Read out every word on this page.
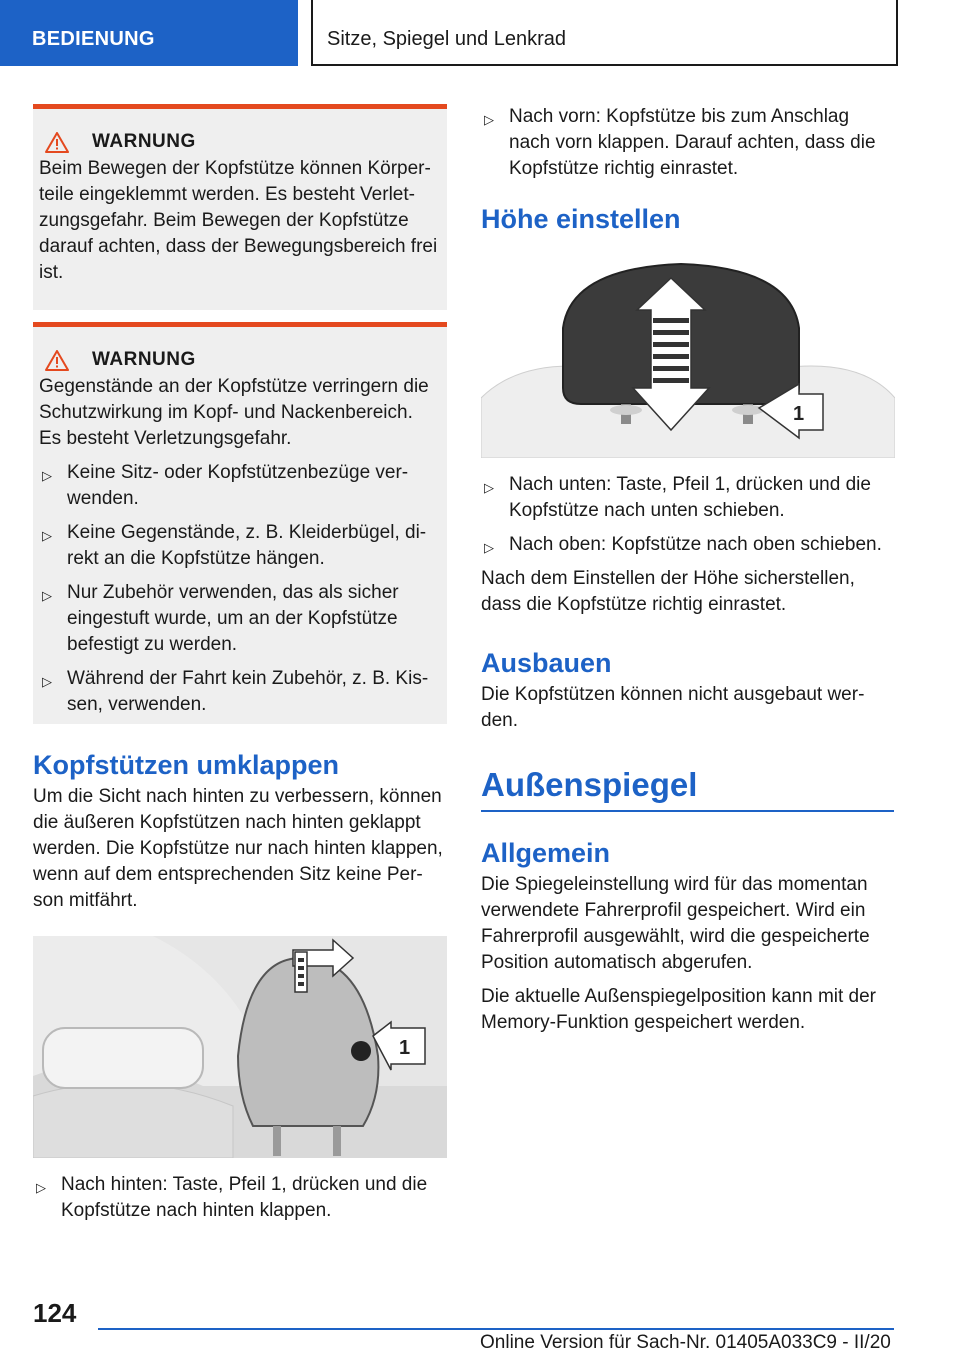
BEDIENUNG	Sitze, Spiegel und Lenkrad
WARNUNG

Beim Bewegen der Kopfstütze können Körper-teile eingeklemmt werden. Es besteht Verlet-zungsgefahr. Beim Bewegen der Kopfstütze darauf achten, dass der Bewegungsbereich frei ist.

WARNUNG

Gegenstände an der Kopfstütze verringern die Schutzwirkung im Kopf- und Nackenbereich. Es besteht Verletzungsgefahr.

▷ Keine Sitz- oder Kopfstützenbezüge ver-wenden.
▷ Keine Gegenstände, z. B. Kleiderbügel, di-rekt an die Kopfstütze hängen.
▷ Nur Zubehör verwenden, das als sicher eingestuft wurde, um an der Kopfstütze befestigt zu werden.
▷ Während der Fahrt kein Zubehör, z. B. Kis-sen, verwenden.
Kopfstützen umklappen

Um die Sicht nach hinten zu verbessern, können die äußeren Kopfstützen nach hinten geklappt werden. Die Kopfstütze nur nach hinten klappen, wenn auf dem entsprechenden Sitz keine Per-son mitfährt.

1
▷ Nach hinten: Taste, Pfeil 1, drücken und die Kopfstütze nach hinten klappen.
▷ Nach vorn: Kopfstütze bis zum Anschlag nach vorn klappen. Darauf achten, dass die Kopfstütze richtig einrastet.
Höhe einstellen
1
▷ Nach unten: Taste, Pfeil 1, drücken und die Kopfstütze nach unten schieben.
▷ Nach oben: Kopfstütze nach oben schieben.

Nach dem Einstellen der Höhe sicherstellen, dass die Kopfstütze richtig einrastet.

Ausbauen

Die Kopfstützen können nicht ausgebaut wer-den.

Außenspiegel
Allgemein

Die Spiegeleinstellung wird für das momentan verwendete Fahrerprofil gespeichert. Wird ein Fahrerprofil ausgewählt, wird die gespeicherte Position automatisch abgerufen.

Die aktuelle Außenspiegelposition kann mit der Memory-Funktion gespeichert werden.

124
Online Version für Sach-Nr. 01405A033C9 - II/20
